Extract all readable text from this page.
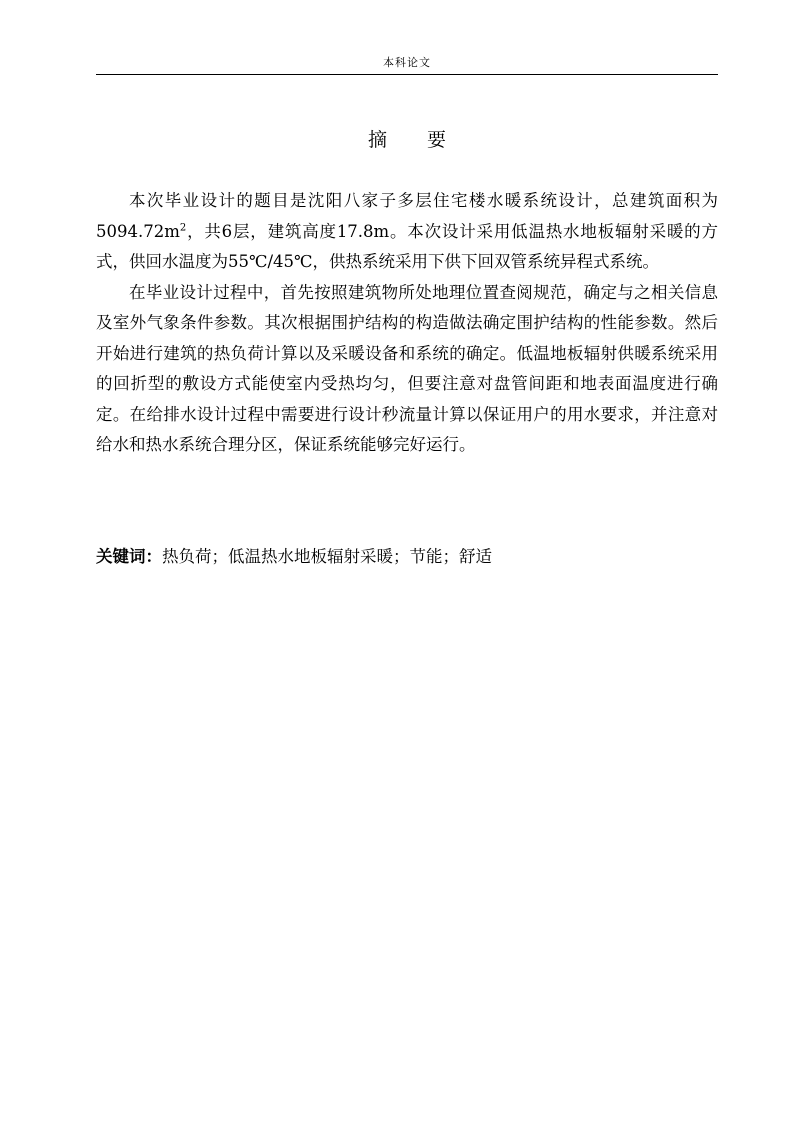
本科论文
摘要

本次毕业设计的题目是沈阳八家子多层住宅楼水暖系统设计，总建筑面积为$5094.72m^2$，共6层，建筑高度17.8m。本次设计采用低温热水地板辐射采暖的方式，供回水温度为55℃/45℃，供热系统采用下供下回双管系统异程式系统。

在毕业设计过程中，首先按照建筑物所处地理位置查阅规范，确定与之相关信息及室外气象条件参数。其次根据围护结构的构造做法确定围护结构的性能参数。然后开始进行建筑的热负荷计算以及采暖设备和系统的确定。低温地板辐射供暖系统采用的回折型的敷设方式能使室内受热均匀，但要注意对盘管间距和地表面温度进行确定。在给排水设计过程中需要进行设计秒流量计算以保证用户的用水要求，并注意对给水和热水系统合理分区，保证系统能够完好运行。

关键词：热负荷；低温热水地板辐射采暖；节能；舒适
